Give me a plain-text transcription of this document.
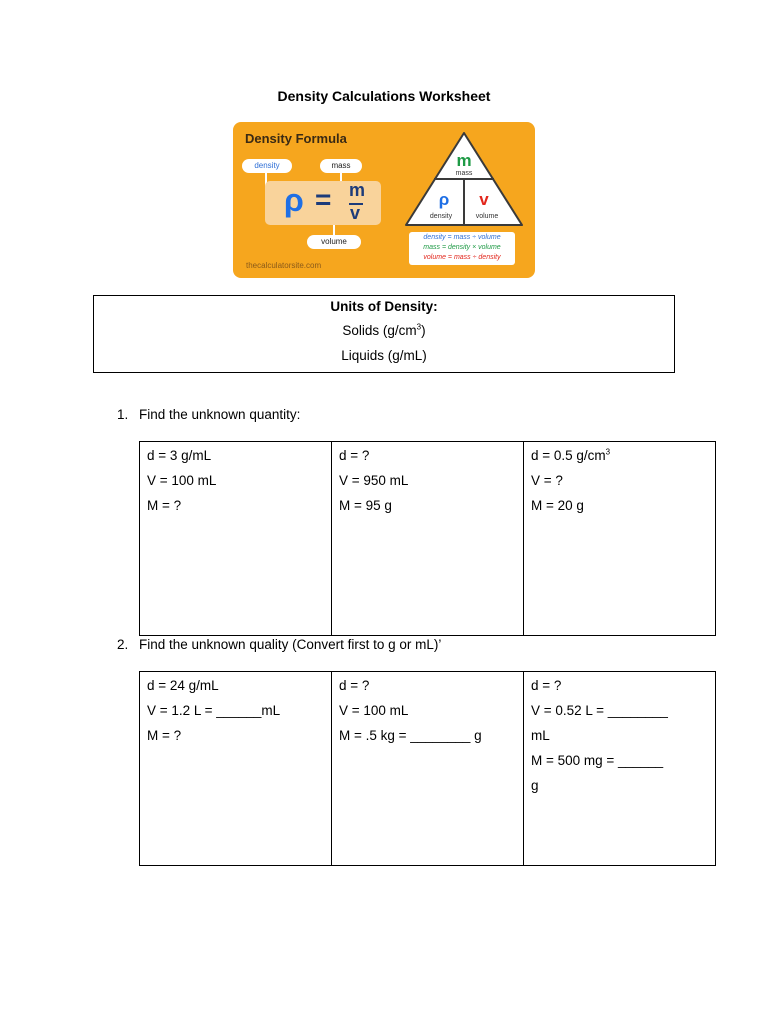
Density Calculations Worksheet
Density Formula
density	mass
volume
ρ = m
v
m
mass
ρ
density
v
volume
density = mass ÷ volume
mass = density × volume
volume = mass ÷ density
thecalculatorsite.com
Units of Density:
Solids $(g/cm^3)$
Liquids (g/mL)
1. Find the unknown quantity:
d = 3 g/mL
V = 100 mL
M = ?

d = ?
V = 950 mL
M = 95 g

d = 0.5 $g/cm^3$
V = ?
M = 20 g
2. Find the unknown quality (Convert first to g or mL)’
d = 24 g/mL
V = 1.2 L = ______mL
M = ?

d = ?
V = 100 mL
M = .5 kg = ________ g

d = ?
V = 0.52 L = ________
mL
M = 500 mg = ______
g
